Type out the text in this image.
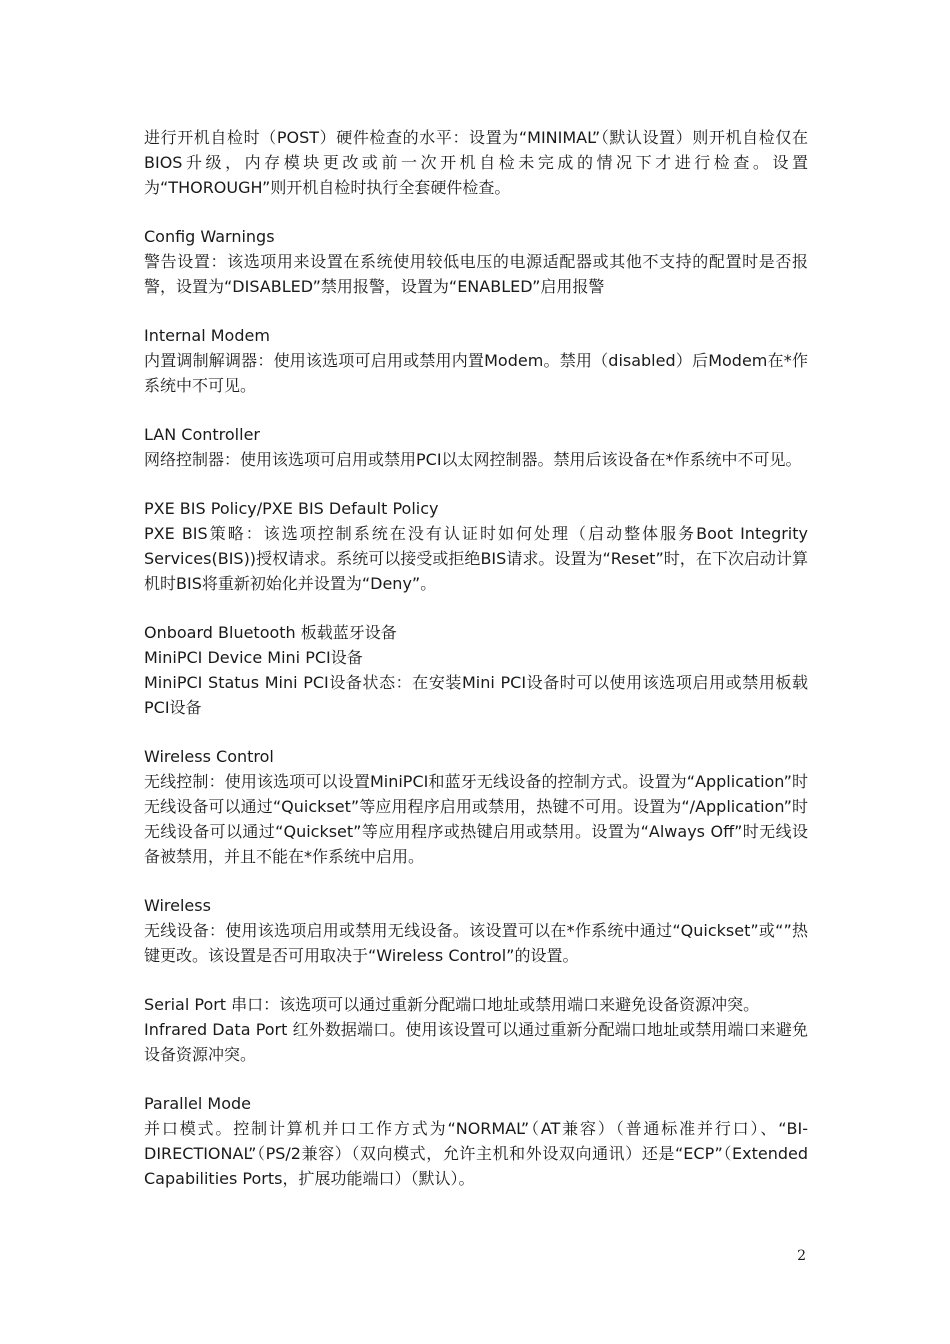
进行开机自检时（POST）硬件检查的水平：设置为“MINIMAL”（默认设置）则开机自检仅在BIOS升级，内存模块更改或前一次开机自检未完成的情况下才进行检查。设置为“THOROUGH”则开机自检时执行全套硬件检查。

Config Warnings

警告设置：该选项用来设置在系统使用较低电压的电源适配器或其他不支持的配置时是否报警，设置为“DISABLED”禁用报警，设置为“ENABLED”启用报警

Internal Modem

内置调制解调器：使用该选项可启用或禁用内置Modem。禁用（disabled）后Modem在*作系统中不可见。

LAN Controller

网络控制器：使用该选项可启用或禁用PCI以太网控制器。禁用后该设备在*作系统中不可见。

PXE BIS Policy/PXE BIS Default Policy

PXE BIS策略：该选项控制系统在没有认证时如何处理（启动整体服务Boot Integrity Services(BIS))授权请求。系统可以接受或拒绝BIS请求。设置为“Reset”时，在下次启动计算机时BIS将重新初始化并设置为“Deny”。

Onboard Bluetooth 板载蓝牙设备

MiniPCI Device Mini PCI设备

MiniPCI Status Mini PCI设备状态：在安装Mini PCI设备时可以使用该选项启用或禁用板载PCI设备

Wireless Control

无线控制：使用该选项可以设置MiniPCI和蓝牙无线设备的控制方式。设置为“Application”时无线设备可以通过“Quickset”等应用程序启用或禁用，热键不可用。设置为“/Application”时无线设备可以通过“Quickset”等应用程序或热键启用或禁用。设置为“Always Off”时无线设备被禁用，并且不能在*作系统中启用。

Wireless

无线设备：使用该选项启用或禁用无线设备。该设置可以在*作系统中通过“Quickset”或“”热键更改。该设置是否可用取决于“Wireless Control”的设置。

Serial Port 串口：该选项可以通过重新分配端口地址或禁用端口来避免设备资源冲突。

Infrared Data Port 红外数据端口。使用该设置可以通过重新分配端口地址或禁用端口来避免设备资源冲突。

Parallel Mode

并口模式。控制计算机并口工作方式为“NORMAL”（AT兼容）（普通标准并行口）、“BI-DIRECTIONAL”（PS/2兼容）（双向模式，允许主机和外设双向通讯）还是“ECP”（Extended Capabilities Ports，扩展功能端口）（默认）。

2
